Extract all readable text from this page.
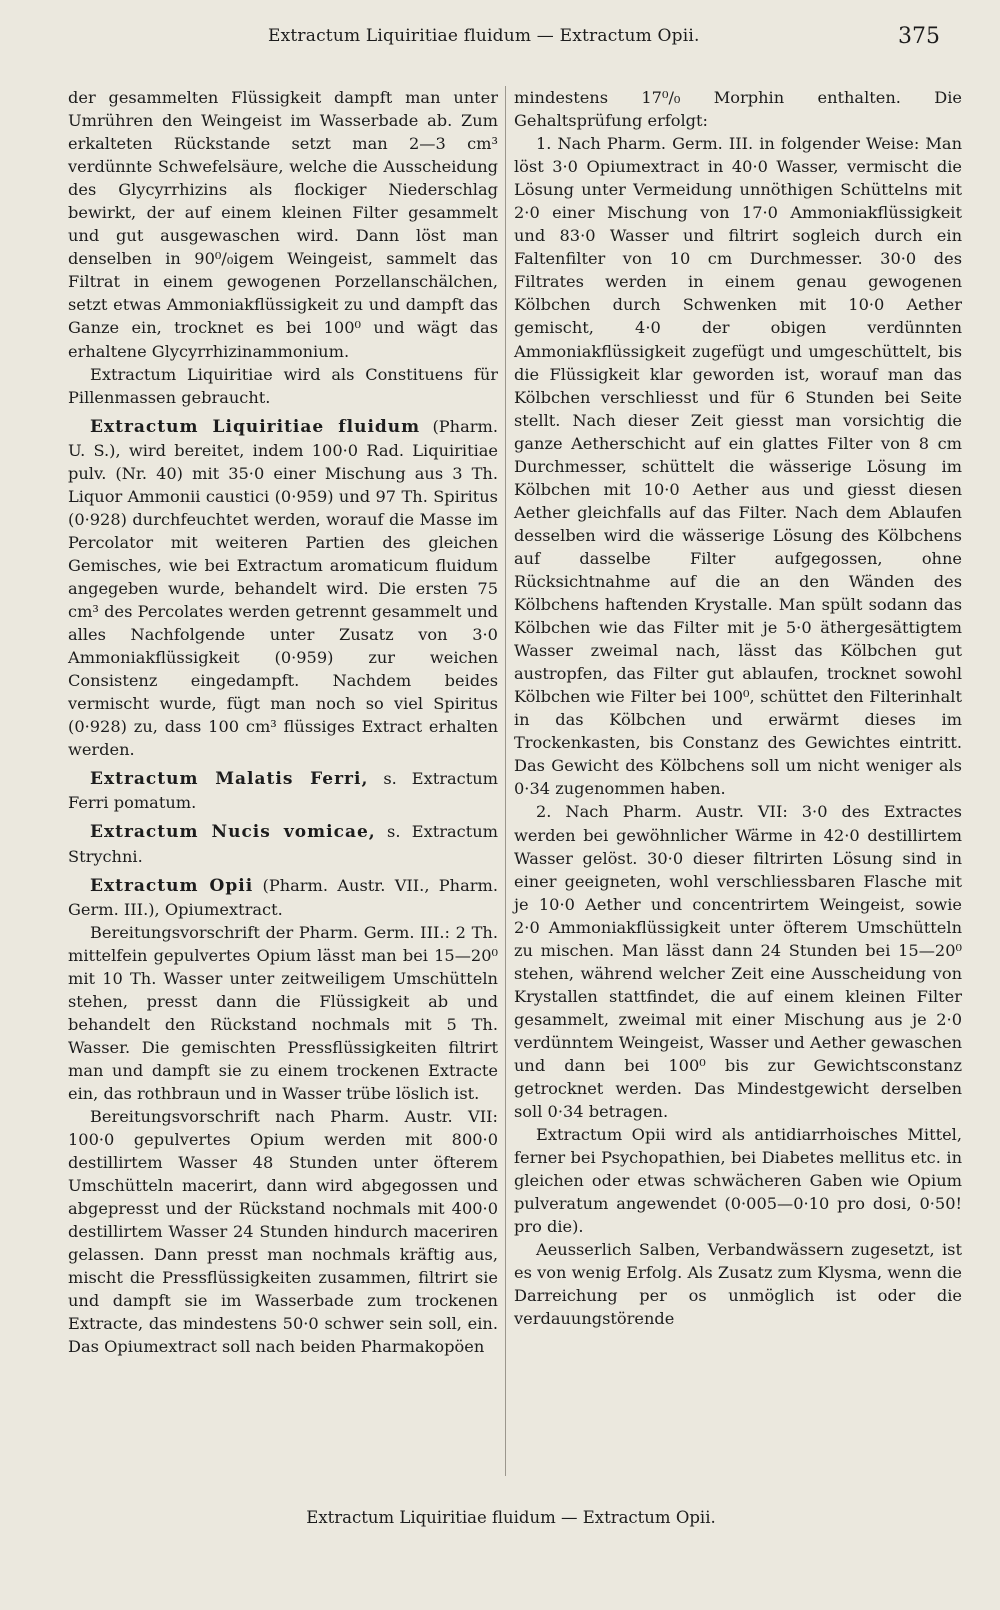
Extractum Liquiritiae fluidum — Extractum Opii.	375

der gesammelten Flüssigkeit dampft man unter Umrühren den Weingeist im Wasserbade ab. Zum erkalteten Rückstande setzt man 2—3 cm³ verdünnte Schwefelsäure, welche die Ausscheidung des Glycyrrhizins als flockiger Niederschlag bewirkt, der auf einem kleinen Filter gesammelt und gut ausgewaschen wird. Dann löst man denselben in 90⁰/₀igem Weingeist, sammelt das Filtrat in einem gewogenen Porzellanschälchen, setzt etwas Ammoniakflüssigkeit zu und dampft das Ganze ein, trocknet es bei 100⁰ und wägt das erhaltene Glycyrrhizinammonium.

Extractum Liquiritiae wird als Constituens für Pillenmassen gebraucht.

Extractum Liquiritiae fluidum (Pharm. U. S.), wird bereitet, indem 100·0 Rad. Liquiritiae pulv. (Nr. 40) mit 35·0 einer Mischung aus 3 Th. Liquor Ammonii caustici (0·959) und 97 Th. Spiritus (0·928) durchfeuchtet werden, worauf die Masse im Percolator mit weiteren Partien des gleichen Gemisches, wie bei Extractum aromaticum fluidum angegeben wurde, behandelt wird. Die ersten 75 cm³ des Percolates werden getrennt gesammelt und alles Nachfolgende unter Zusatz von 3·0 Ammoniakflüssigkeit (0·959) zur weichen Consistenz eingedampft. Nachdem beides vermischt wurde, fügt man noch so viel Spiritus (0·928) zu, dass 100 cm³ flüssiges Extract erhalten werden.

Extractum Malatis Ferri, s. Extractum Ferri pomatum.

Extractum Nucis vomicae, s. Extractum Strychni.

Extractum Opii (Pharm. Austr. VII., Pharm. Germ. III.), Opiumextract.

Bereitungsvorschrift der Pharm. Germ. III.: 2 Th. mittelfein gepulvertes Opium lässt man bei 15—20⁰ mit 10 Th. Wasser unter zeitweiligem Umschütteln stehen, presst dann die Flüssigkeit ab und behandelt den Rückstand nochmals mit 5 Th. Wasser. Die gemischten Pressflüssigkeiten filtrirt man und dampft sie zu einem trockenen Extracte ein, das rothbraun und in Wasser trübe löslich ist.

Bereitungsvorschrift nach Pharm. Austr. VII: 100·0 gepulvertes Opium werden mit 800·0 destillirtem Wasser 48 Stunden unter öfterem Umschütteln macerirt, dann wird abgegossen und abgepresst und der Rückstand nochmals mit 400·0 destillirtem Wasser 24 Stunden hindurch maceriren gelassen. Dann presst man nochmals kräftig aus, mischt die Pressflüssigkeiten zusammen, filtrirt sie und dampft sie im Wasserbade zum trockenen Extracte, das mindestens 50·0 schwer sein soll, ein. Das Opiumextract soll nach beiden Pharmakopöen

mindestens 17⁰/₀ Morphin enthalten. Die Gehaltsprüfung erfolgt:

1. Nach Pharm. Germ. III. in folgender Weise: Man löst 3·0 Opiumextract in 40·0 Wasser, vermischt die Lösung unter Vermeidung unnöthigen Schüttelns mit 2·0 einer Mischung von 17·0 Ammoniakflüssigkeit und 83·0 Wasser und filtrirt sogleich durch ein Faltenfilter von 10 cm Durchmesser. 30·0 des Filtrates werden in einem genau gewogenen Kölbchen durch Schwenken mit 10·0 Aether gemischt, 4·0 der obigen verdünnten Ammoniakflüssigkeit zugefügt und umgeschüttelt, bis die Flüssigkeit klar geworden ist, worauf man das Kölbchen verschliesst und für 6 Stunden bei Seite stellt. Nach dieser Zeit giesst man vorsichtig die ganze Aetherschicht auf ein glattes Filter von 8 cm Durchmesser, schüttelt die wässerige Lösung im Kölbchen mit 10·0 Aether aus und giesst diesen Aether gleichfalls auf das Filter. Nach dem Ablaufen desselben wird die wässerige Lösung des Kölbchens auf dasselbe Filter aufgegossen, ohne Rücksichtnahme auf die an den Wänden des Kölbchens haftenden Krystalle. Man spült sodann das Kölbchen wie das Filter mit je 5·0 äthergesättigtem Wasser zweimal nach, lässt das Kölbchen gut austropfen, das Filter gut ablaufen, trocknet sowohl Kölbchen wie Filter bei 100⁰, schüttet den Filterinhalt in das Kölbchen und erwärmt dieses im Trockenkasten, bis Constanz des Gewichtes eintritt. Das Gewicht des Kölbchens soll um nicht weniger als 0·34 zugenommen haben.

2. Nach Pharm. Austr. VII: 3·0 des Extractes werden bei gewöhnlicher Wärme in 42·0 destillirtem Wasser gelöst. 30·0 dieser filtrirten Lösung sind in einer geeigneten, wohl verschliessbaren Flasche mit je 10·0 Aether und concentrirtem Weingeist, sowie 2·0 Ammoniakflüssigkeit unter öfterem Umschütteln zu mischen. Man lässt dann 24 Stunden bei 15—20⁰ stehen, während welcher Zeit eine Ausscheidung von Krystallen stattfindet, die auf einem kleinen Filter gesammelt, zweimal mit einer Mischung aus je 2·0 verdünntem Weingeist, Wasser und Aether gewaschen und dann bei 100⁰ bis zur Gewichtsconstanz getrocknet werden. Das Mindestgewicht derselben soll 0·34 betragen.

Extractum Opii wird als antidiarrhoisches Mittel, ferner bei Psychopathien, bei Diabetes mellitus etc. in gleichen oder etwas schwächeren Gaben wie Opium pulveratum angewendet (0·005—0·10 pro dosi, 0·50! pro die).

Aeusserlich Salben, Verbandwässern zugesetzt, ist es von wenig Erfolg. Als Zusatz zum Klysma, wenn die Darreichung per os unmöglich ist oder die verdauungstörende

Extractum Liquiritiae fluidum — Extractum Opii.
